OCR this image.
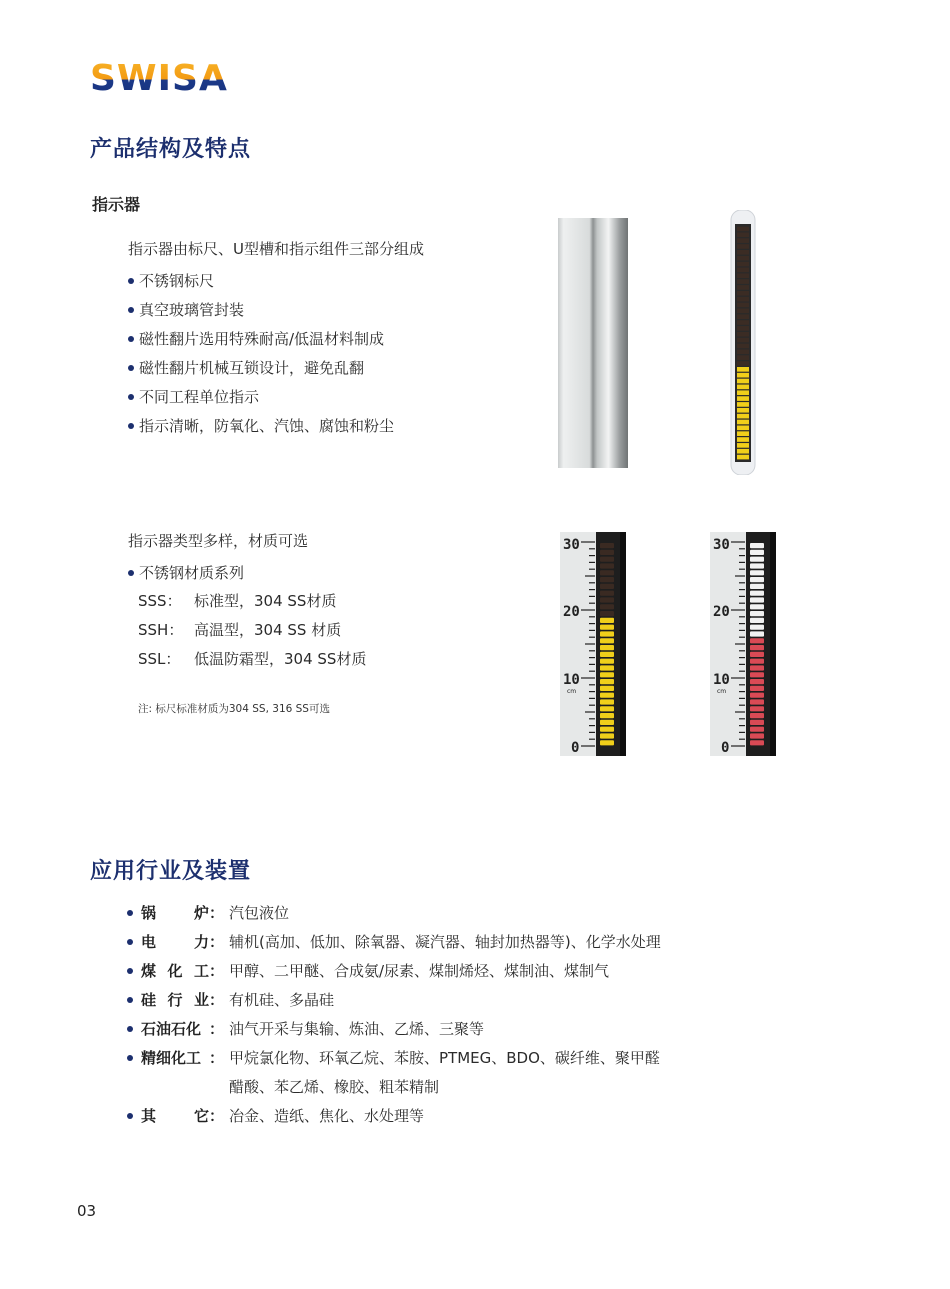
SWISA
产品结构及特点

指示器

指示器由标尺、U型槽和指示组件三部分组成

不锈钢标尺
真空玻璃管封装
磁性翻片选用特殊耐高/低温材料制成
磁性翻片机械互锁设计，避免乱翻
不同工程单位指示
指示清晰，防氧化、汽蚀、腐蚀和粉尘

指示器类型多样，材质可选

不锈钢材质系列
SSS： 标准型，304 SS材质
SSH： 高温型，304 SS 材质
SSL： 低温防霜型，304 SS材质

注: 标尺标准材质为304 SS, 316 SS可选

30
20
10
cm
0
30
20
10
cm
0
应用行业及装置
锅	炉 ： 汽包液位
电	力 ： 辅机(高加、低加、除氧器、凝汽器、轴封加热器等)、化学水处理
煤 化 工 ： 甲醇、二甲醚、合成氨/尿素、煤制烯烃、煤制油、煤制气
硅 行 业 ： 有机硅、多晶硅
石油石化 ： 油气开采与集输、炼油、乙烯、三聚等
精细化工 ： 甲烷氯化物、环氧乙烷、苯胺、PTMEG、BDO、碳纤维、聚甲醛
醋酸、苯乙烯、橡胶、粗苯精制
其	它 ： 冶金、造纸、焦化、水处理等

03
